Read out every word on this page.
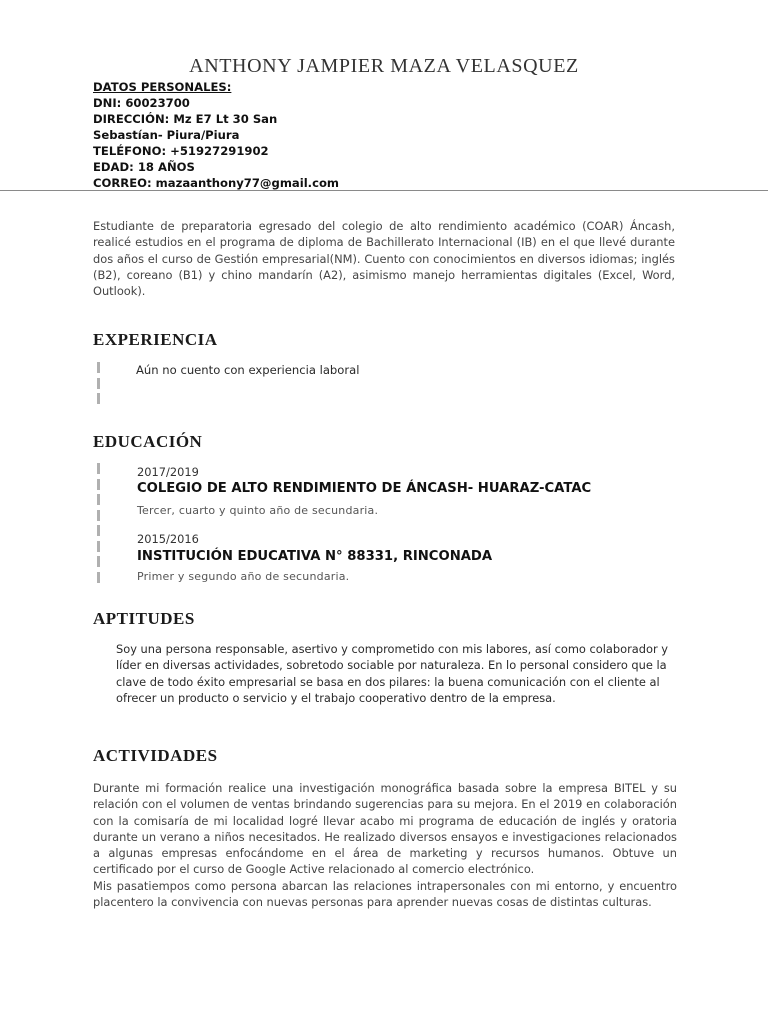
ANTHONY JAMPIER MAZA VELASQUEZ
DATOS PERSONALES:
DNI: 60023700
DIRECCIÓN: Mz E7 Lt 30 San
Sebastían- Piura/Piura
TELÉFONO: +51927291902
EDAD: 18 AÑOS
CORREO: mazaanthony77@gmail.com

Estudiante de preparatoria egresado del colegio de alto rendimiento académico (COAR) Áncash, realicé estudios en el programa de diploma de Bachillerato Internacional (IB) en el que llevé durante dos años el curso de Gestión empresarial(NM). Cuento con conocimientos en diversos idiomas; inglés (B2), coreano (B1) y chino mandarín (A2), asimismo manejo herramientas digitales (Excel, Word, Outlook).

EXPERIENCIA
Aún no cuento con experiencia laboral
EDUCACIÓN
2017/2019
COLEGIO DE ALTO RENDIMIENTO DE ÁNCASH- HUARAZ-CATAC
Tercer, cuarto y quinto año de secundaria.
2015/2016
INSTITUCIÓN EDUCATIVA N° 88331, RINCONADA
Primer y segundo año de secundaria.
APTITUDES

Soy una persona responsable, asertivo y comprometido con mis labores, así como colaborador y líder en diversas actividades, sobretodo sociable por naturaleza. En lo personal considero que la clave de todo éxito empresarial se basa en dos pilares: la buena comunicación con el cliente al ofrecer un producto o servicio y el trabajo cooperativo dentro de la empresa.

ACTIVIDADES

Durante mi formación realice una investigación monográfica basada sobre la empresa BITEL y su relación con el volumen de ventas brindando sugerencias para su mejora. En el 2019 en colaboración con la comisaría de mi localidad logré llevar acabo mi programa de educación de inglés y oratoria durante un verano a niños necesitados. He realizado diversos ensayos e investigaciones relacionados a algunas empresas enfocándome en el área de marketing y recursos humanos. Obtuve un certificado por el curso de Google Active relacionado al comercio electrónico.

Mis pasatiempos como persona abarcan las relaciones intrapersonales con mi entorno, y encuentro placentero la convivencia con nuevas personas para aprender nuevas cosas de distintas culturas.
